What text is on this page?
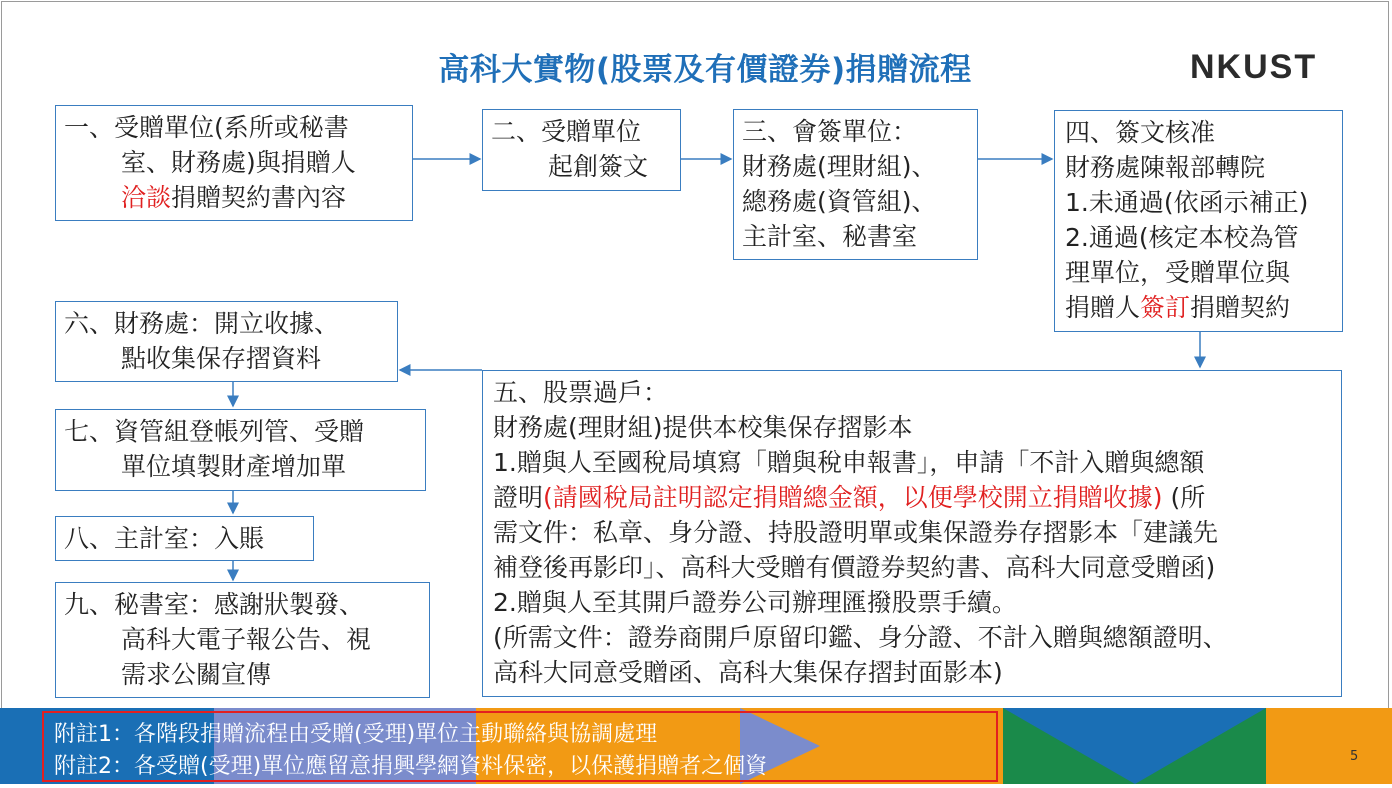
高科大實物(股票及有價證券)捐贈流程	NKUST
一、受贈單位(系所或秘書
室、財務處)與捐贈人
洽談捐贈契約書內容
二、受贈單位
起創簽文
三、會簽單位：
財務處(理財組)、
總務處(資管組)、
主計室、秘書室
四、簽文核准
財務處陳報部轉院
1.未通過(依函示補正)
2.通過(核定本校為管
理單位，受贈單位與
捐贈人簽訂捐贈契約
五、股票過戶：
財務處(理財組)提供本校集保存摺影本
1.贈與人至國稅局填寫「贈與稅申報書」，申請「不計入贈與總額
證明(請國稅局註明認定捐贈總金額，以便學校開立捐贈收據) (所
需文件：私章、身分證、持股證明單或集保證券存摺影本「建議先
補登後再影印」、高科大受贈有價證券契約書、高科大同意受贈函)
2.贈與人至其開戶證券公司辦理匯撥股票手續。
(所需文件：證券商開戶原留印鑑、身分證、不計入贈與總額證明、
高科大同意受贈函、高科大集保存摺封面影本)
六、財務處：開立收據、
點收集保存摺資料
七、資管組登帳列管、受贈
單位填製財產增加單
八、主計室：入賬
九、秘書室：感謝狀製發、
高科大電子報公告、視
需求公關宣傳
附註1：各階段捐贈流程由受贈(受理)單位主動聯絡與協調處理
附註2：各受贈(受理)單位應留意捐興學網資料保密，以保護捐贈者之個資	5
